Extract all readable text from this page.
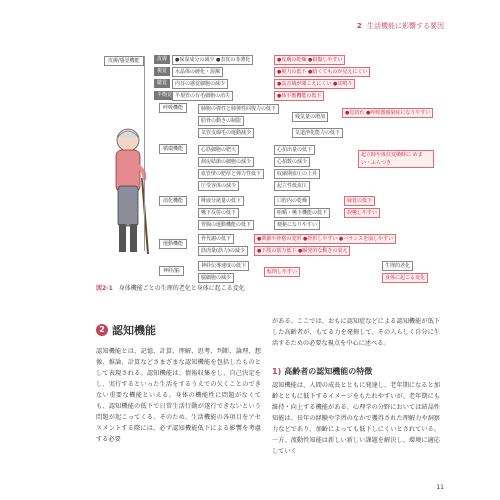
2 生活機能に影響する要因
皮膚/感覚機能
呼吸機能
循環機能
消化機能
運動機能
神経/脳
皮膚
視覚
聴覚
平衡覚
●保湿成分の減少 ●表皮の菲薄化
水晶体の硬化・混濁
内耳の感覚細胞の減少
半規管の有毛細胞の消失
●皮膚の乾燥 ●損傷しやすい
●視力の低下 ●暗くてものが見えにくい
●高音域が聞こえにくい ●耳鳴り
●体平衡機能の低下
肺胞の弾性と肺弾性回復力の低下
肋骨の動きの制限
気管支線毛の運動減少
残気量の増加
●息切れ ●呼吸器感染症になりやすい
気道浄化能力の低下
心筋細胞の肥大
洞房結節の細胞の減少
血管壁の肥厚と弾力性低下
圧受容体の減少
心拍出量の低下
心拍数の減少
収縮期血圧の上昇
起立性低血圧
起立時や体位変換時に めまい・ふらつき
唾液分泌量の低下
嚥下反射の低下
胃腸の運動機能の低下
口腔内の乾燥
咀嚼・嚥下機能の低下
便秘になりやすい
味覚の低下
誤嚥しやすい
骨代謝の低下
筋肉量(筋力)の減少
●関節や骨格の変形 ●骨折しやすい ●バランスを崩しやすい
●下肢の筋力低下 ●瞬発的な動きの衰え
神経伝導速度の低下
脳細胞の減少
転倒しやすい
生理的老化
身体に起こる変化
図2-1 身体機能ごとの生理的老化と身体に起こる変化
2 認知機能
認知機能とは、記憶、計算、理解、思考、判断、論理、想像、推論、計算などさまざまな認知機能を包括したものとして表現される。認知機能は、情報収集をし、自己決定をし、実行するといった生活をするうえでの欠くことのできない重要な機能といえる。身体の機能性に問題がなくても、認知機能の低下で日常生活行動が遂行できないという問題が起こってくる。そのため、生活機能の各項目をアセスメントする際には、必ず認知機能低下による影響を考慮する必要
がある。ここでは、おもに認知症などによる認知機能が低下した高齢者が、もてる力を発揮して、その人らしく自分に生活するための必要な視点を中心に述べる。
1) 高齢者の認知機能の特徴
認知機能は、人間の成長とともに発達し、老年期になると加齢とともに低下するイメージをもたれやすいが、老年期にも維持・向上する機能がある。心理学の分野においては結晶性知能は、長年の経験や学習のなかで獲得された理解力や洞察力などであり、加齢によっても低下しにくいとされている。一方、流動性知能は新しい新しい課題を解決し、環境に適応していく
11
